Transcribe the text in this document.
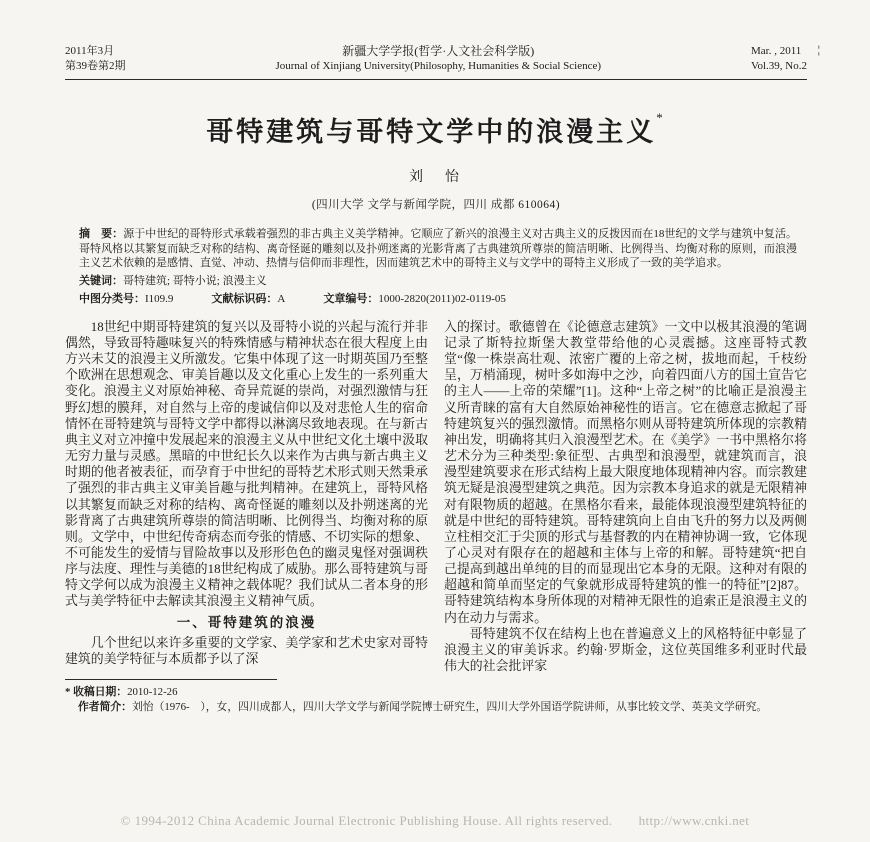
¦
2011年3月
第39卷第2期
新疆大学学报(哲学·人文社会科学版)
Journal of Xinjiang University(Philosophy, Humanities & Social Science)
Mar. , 2011
Vol.39, No.2
哥特建筑与哥特文学中的浪漫主义*
刘　怡
(四川大学 文学与新闻学院，四川 成都 610064)
摘　要：源于中世纪的哥特形式承载着强烈的非古典主义美学精神。它顺应了新兴的浪漫主义对古典主义的反拨因而在18世纪的文学与建筑中复活。哥特风格以其繁复而缺乏对称的结构、离奇怪诞的雕刻以及扑朔迷离的光影背离了古典建筑所尊崇的简洁明晰、比例得当、均衡对称的原则，而浪漫主义艺术依赖的是感情、直觉、冲动、热情与信仰而非理性，因而建筑艺术中的哥特主义与文学中的哥特主义形成了一致的美学追求。
关键词：哥特建筑; 哥特小说; 浪漫主义
中图分类号：I109.9	文献标识码：A	文章编号：1000-2820(2011)02-0119-05

18世纪中期哥特建筑的复兴以及哥特小说的兴起与流行并非偶然，导致哥特趣味复兴的特殊情感与精神状态在很大程度上由方兴未艾的浪漫主义所激发。它集中体现了这一时期英国乃至整个欧洲在思想观念、审美旨趣以及文化重心上发生的一系列重大变化。浪漫主义对原始神秘、奇异荒诞的崇尚，对强烈激情与狂野幻想的膜拜，对自然与上帝的虔诚信仰以及对悲怆人生的宿命情怀在哥特建筑与哥特文学中都得以淋漓尽致地表现。在与新古典主义对立冲撞中发展起来的浪漫主义从中世纪文化土壤中汲取无穷力量与灵感。黑暗的中世纪长久以来作为古典与新古典主义时期的他者被表征，而孕育于中世纪的哥特艺术形式则天然秉承了强烈的非古典主义审美旨趣与批判精神。在建筑上，哥特风格以其繁复而缺乏对称的结构、离奇怪诞的雕刻以及扑朔迷离的光影背离了古典建筑所尊崇的简洁明晰、比例得当、均衡对称的原则。文学中，中世纪传奇病态而夸张的情感、不切实际的想象、不可能发生的爱情与冒险故事以及形形色色的幽灵鬼怪对强调秩序与法度、理性与美德的18世纪构成了威胁。那么哥特建筑与哥特文学何以成为浪漫主义精神之载体呢？我们试从二者本身的形式与美学特征中去解读其浪漫主义精神气质。

一、哥特建筑的浪漫

几个世纪以来许多重要的文学家、美学家和艺术史家对哥特建筑的美学特征与本质都予以了深

入的探讨。歌德曾在《论德意志建筑》一文中以极其浪漫的笔调记录了斯特拉斯堡大教堂带给他的心灵震撼。这座哥特式教堂“像一株崇高壮观、浓密广覆的上帝之树，拔地而起，千枝纷呈，万梢涌现，树叶多如海中之沙，向着四面八方的国土宣告它的主人——上帝的荣耀”[1]。这种“上帝之树”的比喻正是浪漫主义所青睐的富有大自然原始神秘性的语言。它在德意志掀起了哥特建筑复兴的强烈激情。而黑格尔则从哥特建筑所体现的宗教精神出发，明确将其归入浪漫型艺术。在《美学》一书中黑格尔将艺术分为三种类型:象征型、古典型和浪漫型，就建筑而言，浪漫型建筑要求在形式结构上最大限度地体现精神内容。而宗教建筑无疑是浪漫型建筑之典范。因为宗教本身追求的就是无限精神对有限物质的超越。在黑格尔看来，最能体现浪漫型建筑特征的就是中世纪的哥特建筑。哥特建筑向上自由飞升的努力以及两侧立柱相交汇于尖顶的形式与基督教的内在精神协调一致，它体现了心灵对有限存在的超越和主体与上帝的和解。哥特建筑“把自己提高到越出单纯的目的而显现出它本身的无限。这种对有限的超越和简单而坚定的气象就形成哥特建筑的惟一的特征”[2]87。哥特建筑结构本身所体现的对精神无限性的追索正是浪漫主义的内在动力与需求。

哥特建筑不仅在结构上也在普遍意义上的风格特征中彰显了浪漫主义的审美诉求。约翰·罗斯金，这位英国维多利亚时代最伟大的社会批评家

* 收稿日期：2010-12-26
作者简介：刘怡（1976-　），女，四川成都人，四川大学文学与新闻学院博士研究生，四川大学外国语学院讲师，从事比较文学、英美文学研究。
© 1994-2012 China Academic Journal Electronic Publishing House. All rights reserved. http://www.cnki.net
